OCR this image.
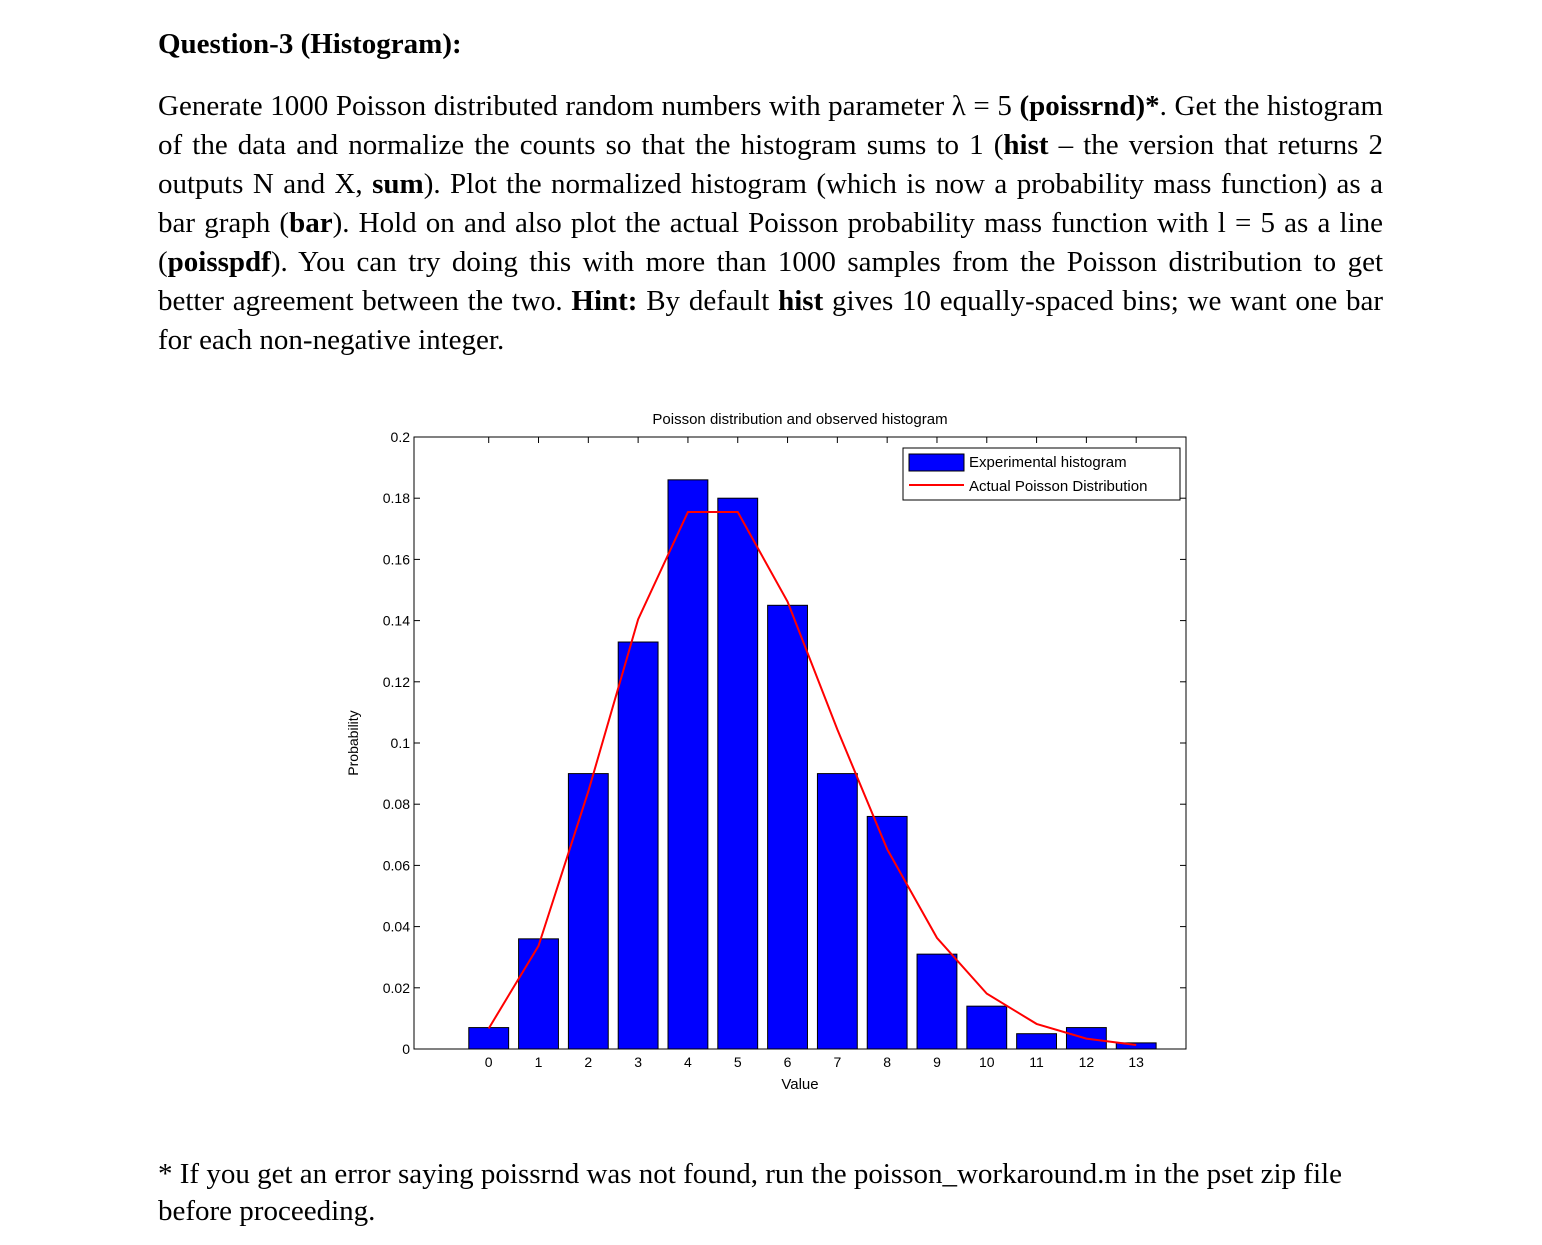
Question-3 (Histogram):
Generate 1000 Poisson distributed random numbers with parameter λ = 5 (poissrnd)*. Get the histogram of the data and normalize the counts so that the histogram sums to 1 (hist – the version that returns 2 outputs N and X, sum). Plot the normalized histogram (which is now a probability mass function) as a bar graph (bar). Hold on and also plot the actual Poisson probability mass function with l = 5 as a line (poisspdf). You can try doing this with more than 1000 samples from the Poisson distribution to get better agreement between the two. Hint: By default hist gives 10 equally-spaced bins; we want one bar for each non-negative integer.
Poisson distribution and observed histogram
0
0.02
0.04
0.06
0.08
0.1
0.12
0.14
0.16
0.18
0.2
0	1	2	3	4	5	6	7	8	9	10 11 12 13
Value
Probability
Experimental histogram
Actual Poisson Distribution
* If you get an error saying poissrnd was not found, run the poisson_workaround.m in the pset zip file before proceeding.
